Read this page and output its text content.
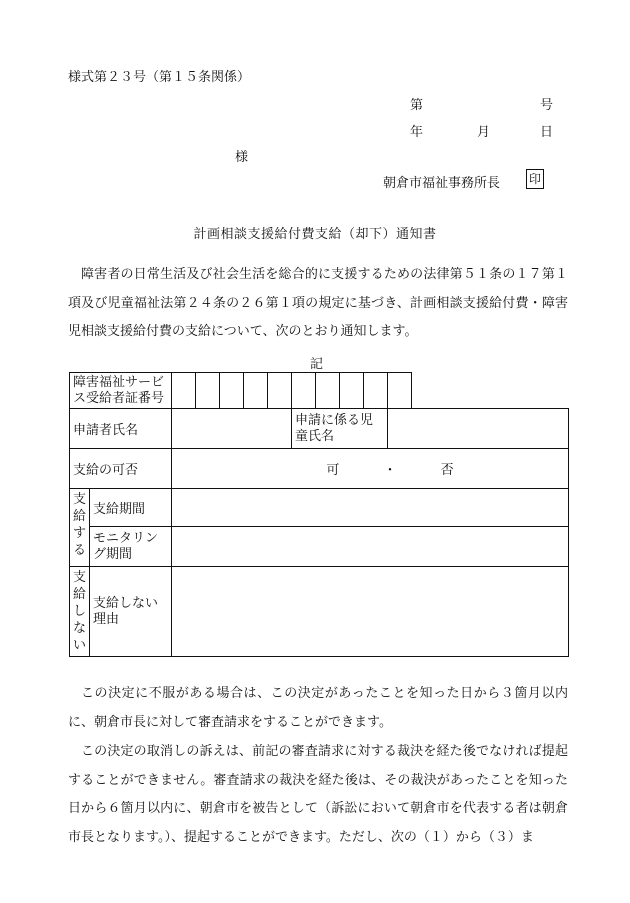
様式第２３号（第１５条関係）
第	号
年	月	日
様
朝倉市福祉事務所長 印
計画相談支援給付費支給（却下）通知書
障害者の日常生活及び社会生活を総合的に支援するための法律第５１条の１７第１項及び児童福祉法第２４条の２６第１項の規定に基づき、計画相談支援給付費・障害児相談支援給付費の支給について、次のとおり通知します。
記
障害福祉サービス受給者証番号												
申請者氏名							申請に係る児童氏名					
支給の可否		可 ・ 否										
支給する	支給期間											
	モニタリング期間											
支給しない	支給しない理由											
この決定に不服がある場合は、この決定があったことを知った日から３箇月以内に、朝倉市長に対して審査請求をすることができます。
この決定の取消しの訴えは、前記の審査請求に対する裁決を経た後でなければ提起することができません。審査請求の裁決を経た後は、その裁決があったことを知った日から６箇月以内に、朝倉市を被告として（訴訟において朝倉市を代表する者は朝倉市長となります。）、提起することができます。ただし、次の（１）から（３）ま
